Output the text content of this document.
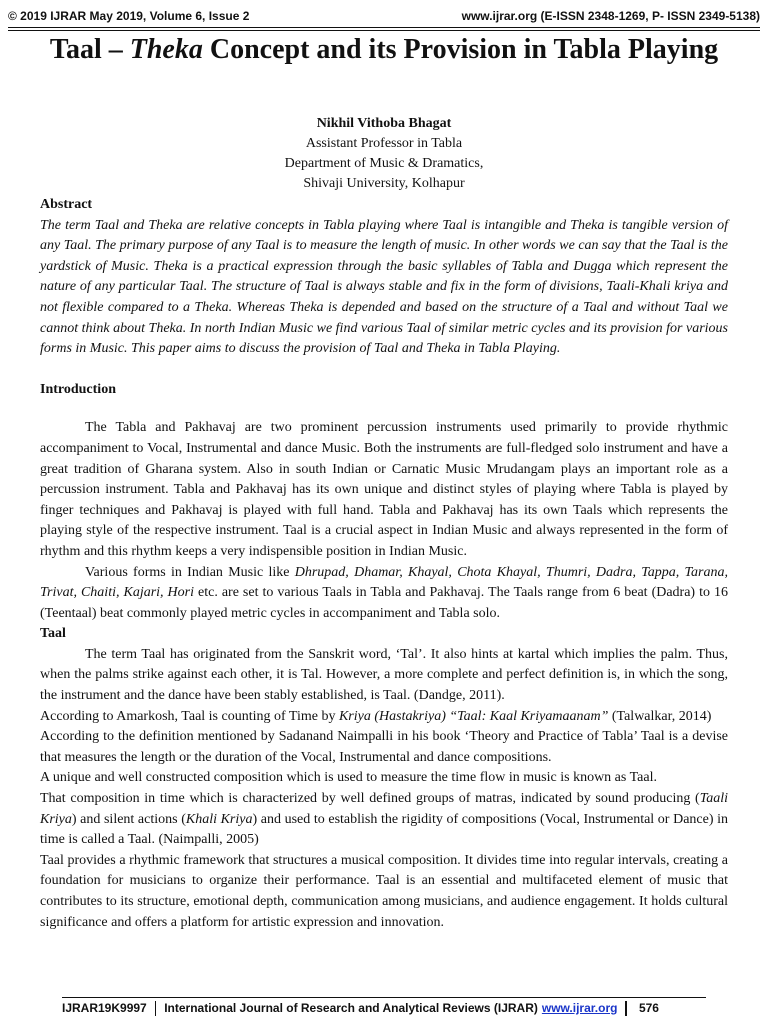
© 2019 IJRAR May 2019, Volume 6, Issue 2	www.ijrar.org (E-ISSN 2348-1269, P- ISSN 2349-5138)
Taal – Theka Concept and its Provision in Tabla Playing
Nikhil Vithoba Bhagat
Assistant Professor in Tabla
Department of Music & Dramatics,
Shivaji University, Kolhapur
Abstract

The term Taal and Theka are relative concepts in Tabla playing where Taal is intangible and Theka is tangible version of any Taal. The primary purpose of any Taal is to measure the length of music. In other words we can say that the Taal is the yardstick of Music. Theka is a practical expression through the basic syllables of Tabla and Dugga which represent the nature of any particular Taal. The structure of Taal is always stable and fix in the form of divisions, Taali-Khali kriya and not flexible compared to a Theka. Whereas Theka is depended and based on the structure of a Taal and without Taal we cannot think about Theka. In north Indian Music we find various Taal of similar metric cycles and its provision for various forms in Music. This paper aims to discuss the provision of Taal and Theka in Tabla Playing.

Introduction

The Tabla and Pakhavaj are two prominent percussion instruments used primarily to provide rhythmic accompaniment to Vocal, Instrumental and dance Music. Both the instruments are full-fledged solo instrument and have a great tradition of Gharana system. Also in south Indian or Carnatic Music Mrudangam plays an important role as a percussion instrument. Tabla and Pakhavaj has its own unique and distinct styles of playing where Tabla is played by finger techniques and Pakhavaj is played with full hand. Tabla and Pakhavaj has its own Taals which represents the playing style of the respective instrument. Taal is a crucial aspect in Indian Music and always represented in the form of rhythm and this rhythm keeps a very indispensible position in Indian Music.

Various forms in Indian Music like Dhrupad, Dhamar, Khayal, Chota Khayal, Thumri, Dadra, Tappa, Tarana, Trivat, Chaiti, Kajari, Hori etc. are set to various Taals in Tabla and Pakhavaj. The Taals range from 6 beat (Dadra) to 16 (Teentaal) beat commonly played metric cycles in accompaniment and Tabla solo.

Taal

The term Taal has originated from the Sanskrit word, ‘Tal’. It also hints at kartal which implies the palm. Thus, when the palms strike against each other, it is Tal. However, a more complete and perfect definition is, in which the song, the instrument and the dance have been stably established, is Taal. (Dandge, 2011).

According to Amarkosh, Taal is counting of Time by Kriya (Hastakriya) “Taal: Kaal Kriyamaanam” (Talwalkar, 2014)

According to the definition mentioned by Sadanand Naimpalli in his book ‘Theory and Practice of Tabla’ Taal is a devise that measures the length or the duration of the Vocal, Instrumental and dance compositions.

A unique and well constructed composition which is used to measure the time flow in music is known as Taal.

That composition in time which is characterized by well defined groups of matras, indicated by sound producing (Taali Kriya) and silent actions (Khali Kriya) and used to establish the rigidity of compositions (Vocal, Instrumental or Dance) in time is called a Taal. (Naimpalli, 2005)

Taal provides a rhythmic framework that structures a musical composition. It divides time into regular intervals, creating a foundation for musicians to organize their performance. Taal is an essential and multifaceted element of music that contributes to its structure, emotional depth, communication among musicians, and audience engagement. It holds cultural significance and offers a platform for artistic expression and innovation.

IJRAR19K9997 International Journal of Research and Analytical Reviews (IJRAR) www.ijrar.org 576
